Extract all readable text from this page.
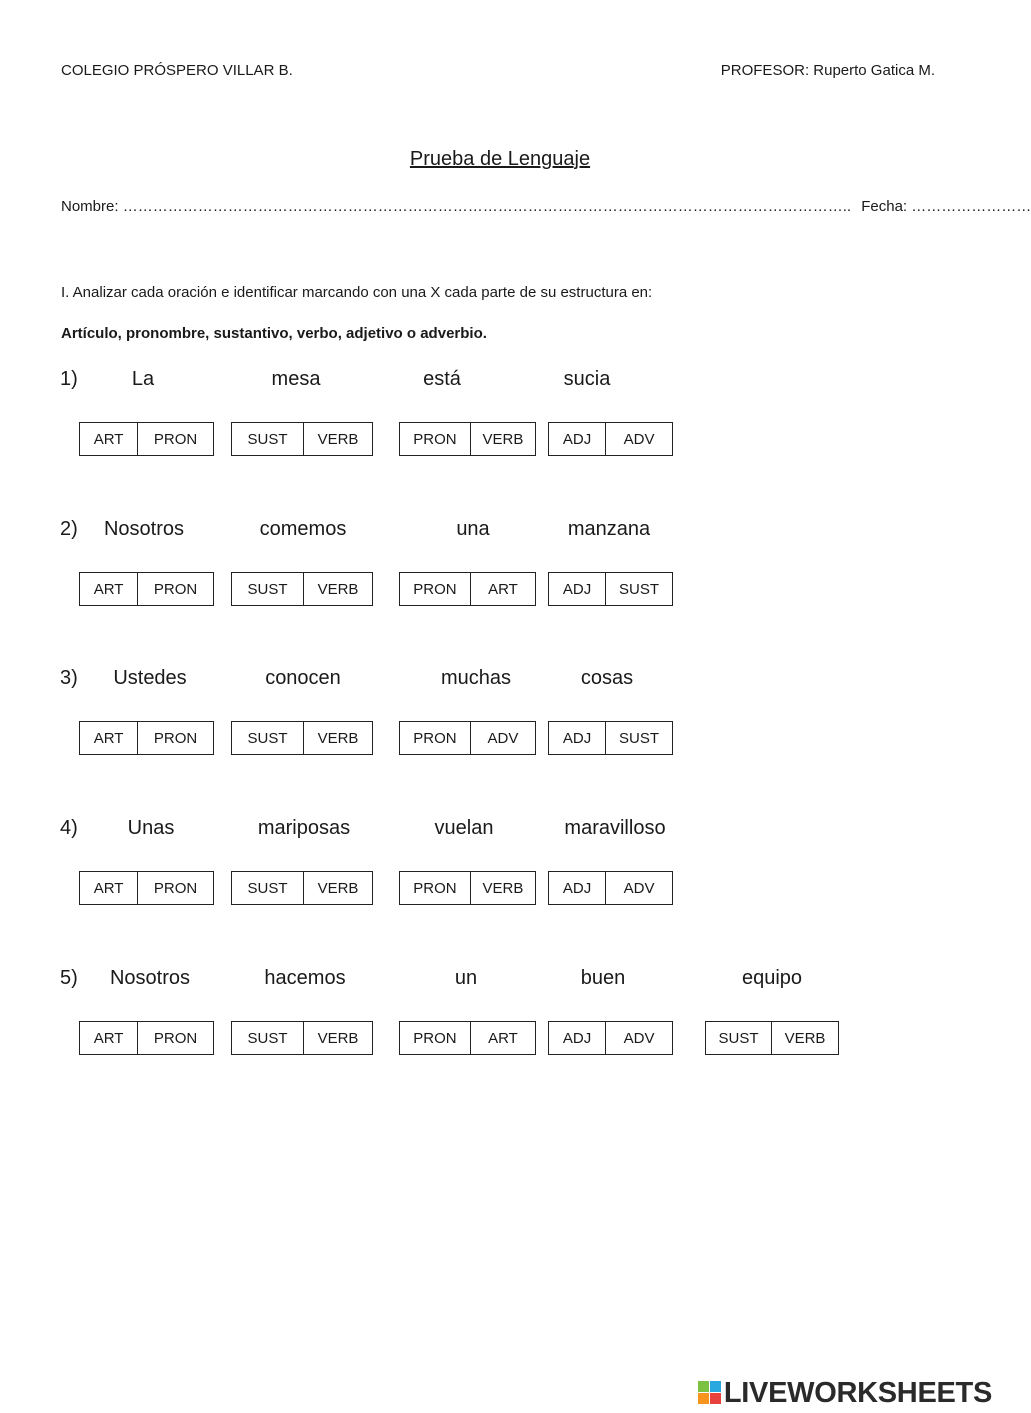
COLEGIO PRÓSPERO VILLAR B.	PROFESOR: Ruperto Gatica M.
Prueba de Lenguaje
Nombre: ……………………………………………………………………………………………………………………………….. Fecha: ……………………
I. Analizar cada oración e identificar marcando con una X cada parte de su estructura en:
Artículo, pronombre, sustantivo, verbo, adjetivo o adverbio.
1)	La	mesa	está	sucia
ART	PRON	SUST	VERB	PRON	VERB	ADJ	ADV
2) Nosotros	comemos	una	manzana
ART	PRON	SUST	VERB	PRON	ART	ADJ	SUST
3) Ustedes	conocen	muchas	cosas
ART	PRON	SUST	VERB	PRON	ADV	ADJ	SUST
4) Unas	mariposas	vuelan	maravilloso
ART	PRON	SUST	VERB	PRON	VERB	ADJ	ADV
5) Nosotros	hacemos	un	buen	equipo
ART	PRON	SUST	VERB	PRON	ART	ADJ	ADV	SUST	VERB
LIVEWORKSHEETS
